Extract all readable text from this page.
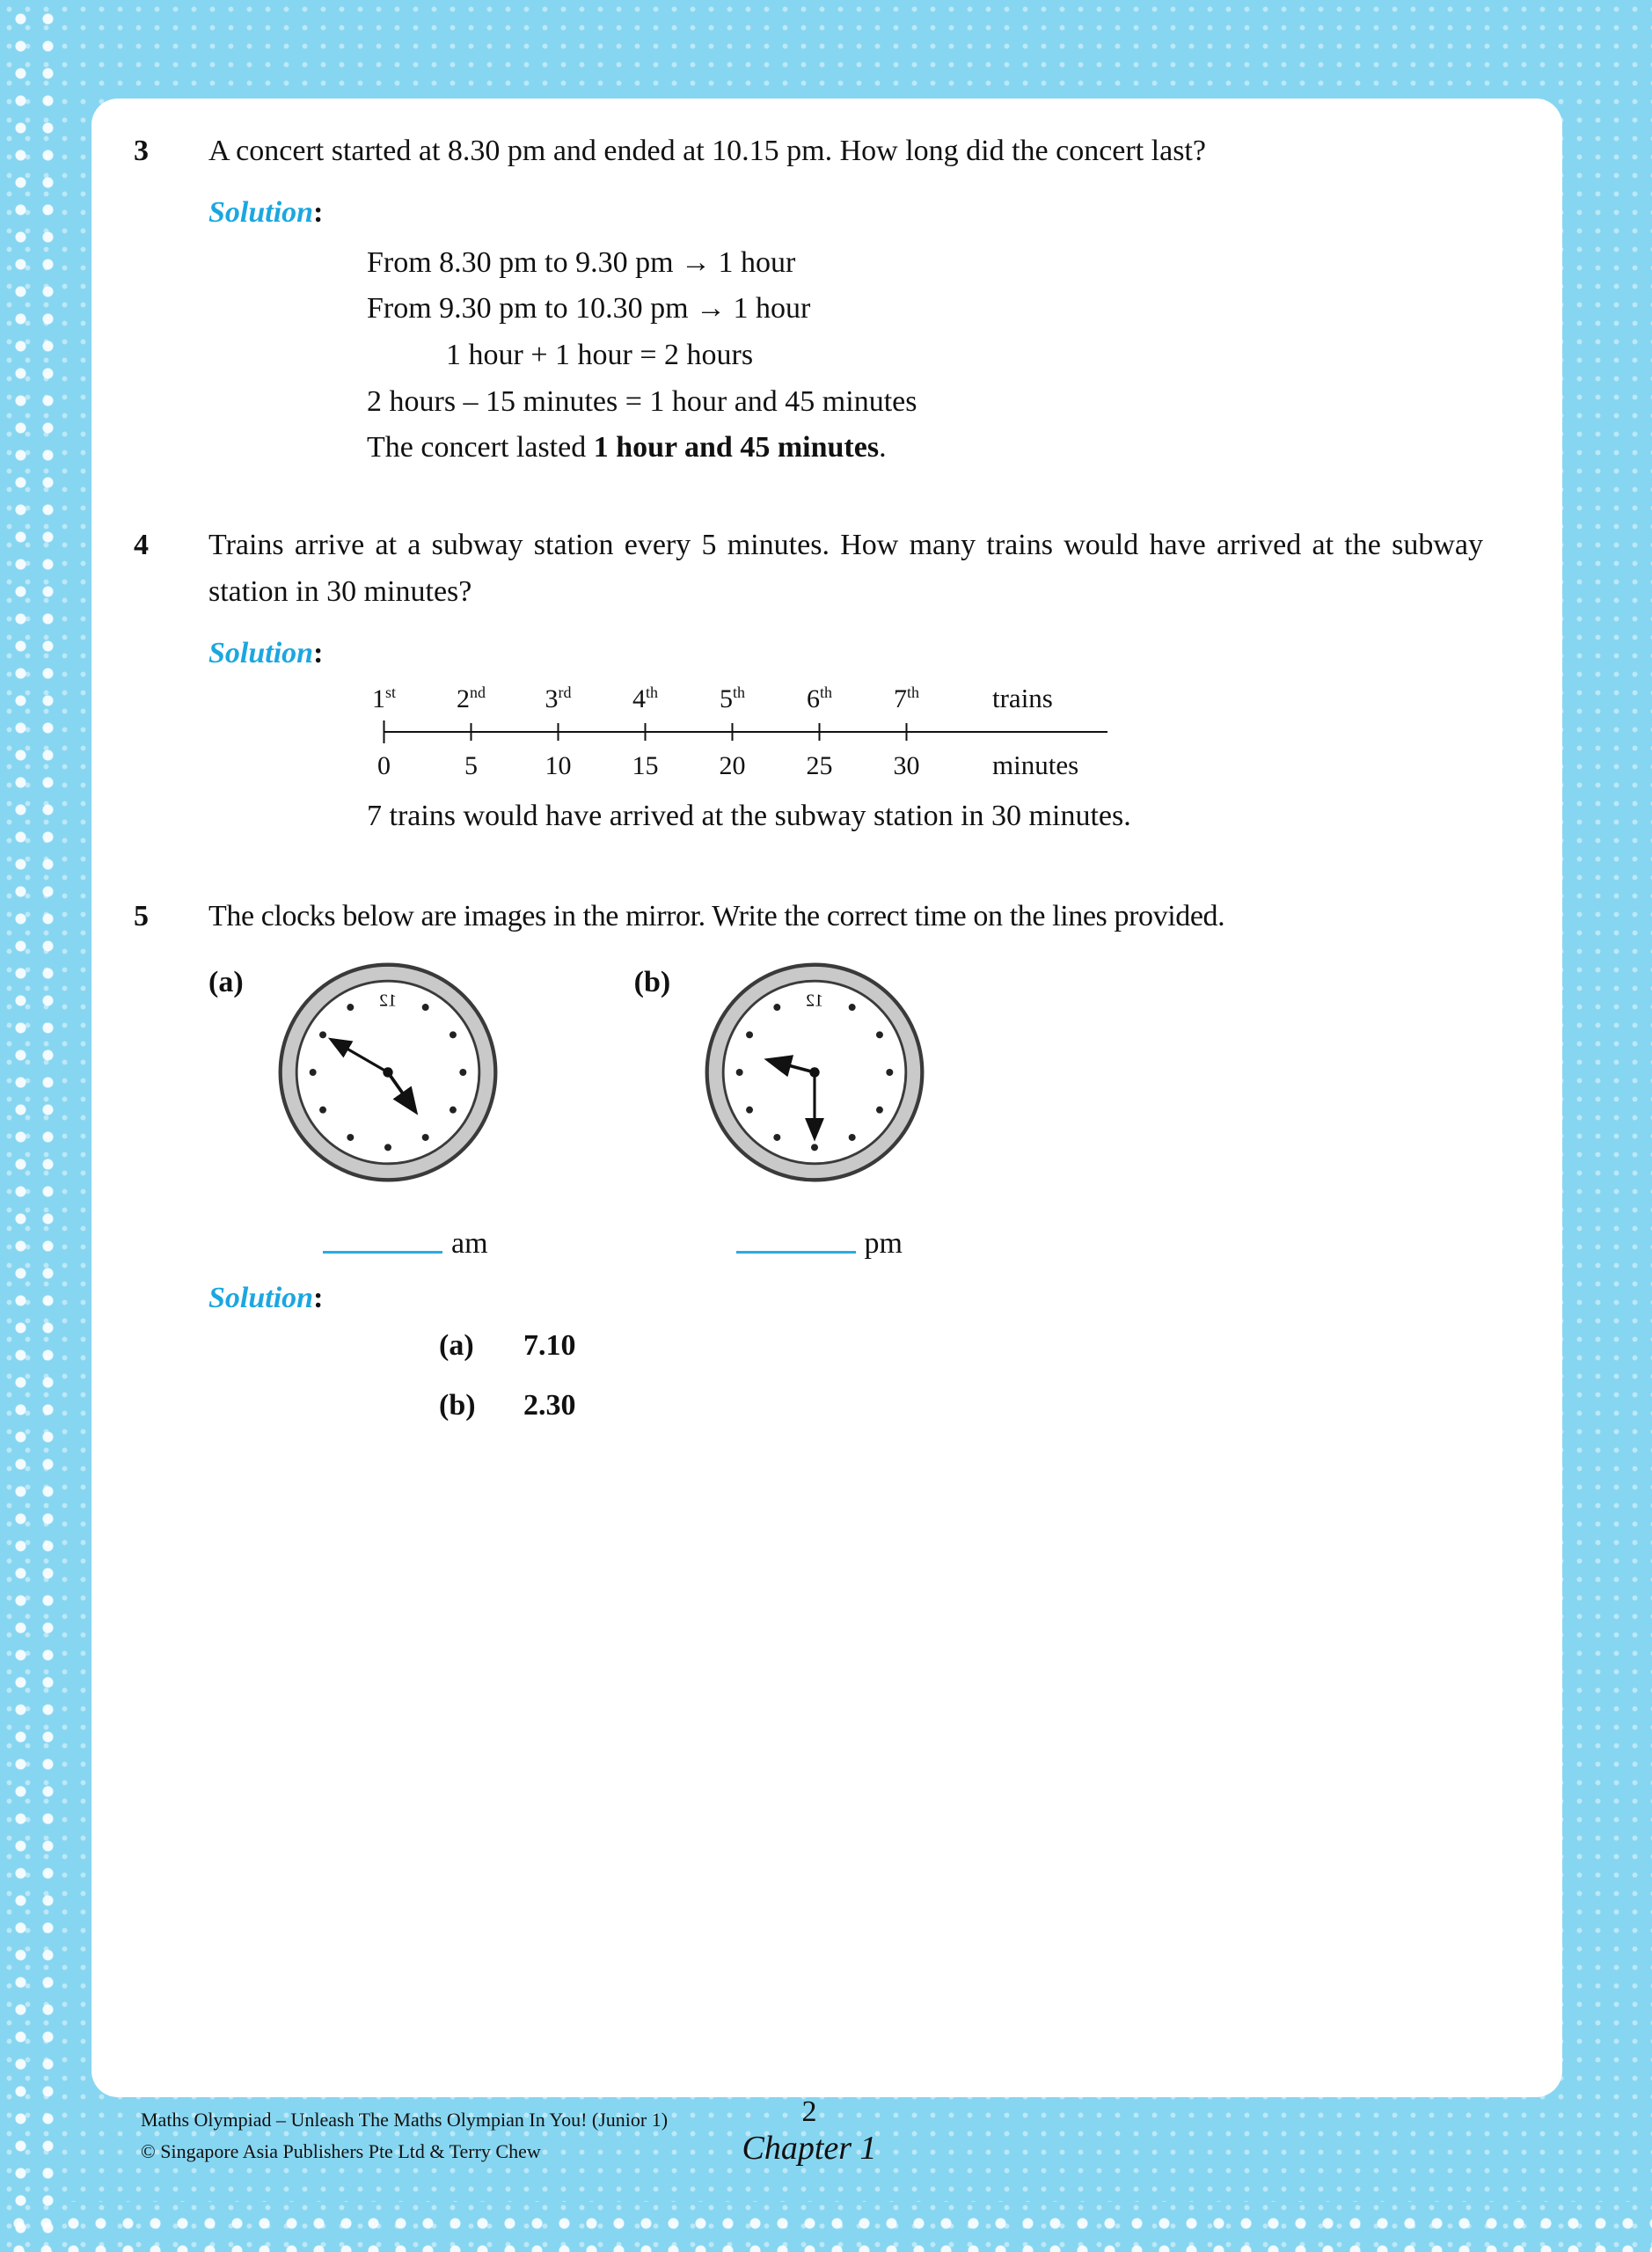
3	A concert started at 8.30 pm and ended at 10.15 pm. How long did the concert last?

Solution:

From 8.30 pm to 9.30 pm → 1 hour

From 9.30 pm to 10.30 pm → 1 hour

1 hour + 1 hour = 2 hours

2 hours – 15 minutes = 1 hour and 45 minutes

The concert lasted 1 hour and 45 minutes.

4	Trains arrive at a subway station every 5 minutes. How many trains would have arrived at the subway station in 30 minutes?

Solution:

1st	2nd	3rd	4th	5th	6th	7th	trains
0	5	10	15	20	25	30	minutes

7 trains would have arrived at the subway station in 30 minutes.

5	The clocks below are images in the mirror. Write the correct time on the lines provided.

(a)
12
(b)
12
am	pm

Solution:

(a)	7.10
(b)	2.30
Maths Olympiad – Unleash The Maths Olympian In You! (Junior 1)
© Singapore Asia Publishers Pte Ltd & Terry Chew
2
Chapter 1
